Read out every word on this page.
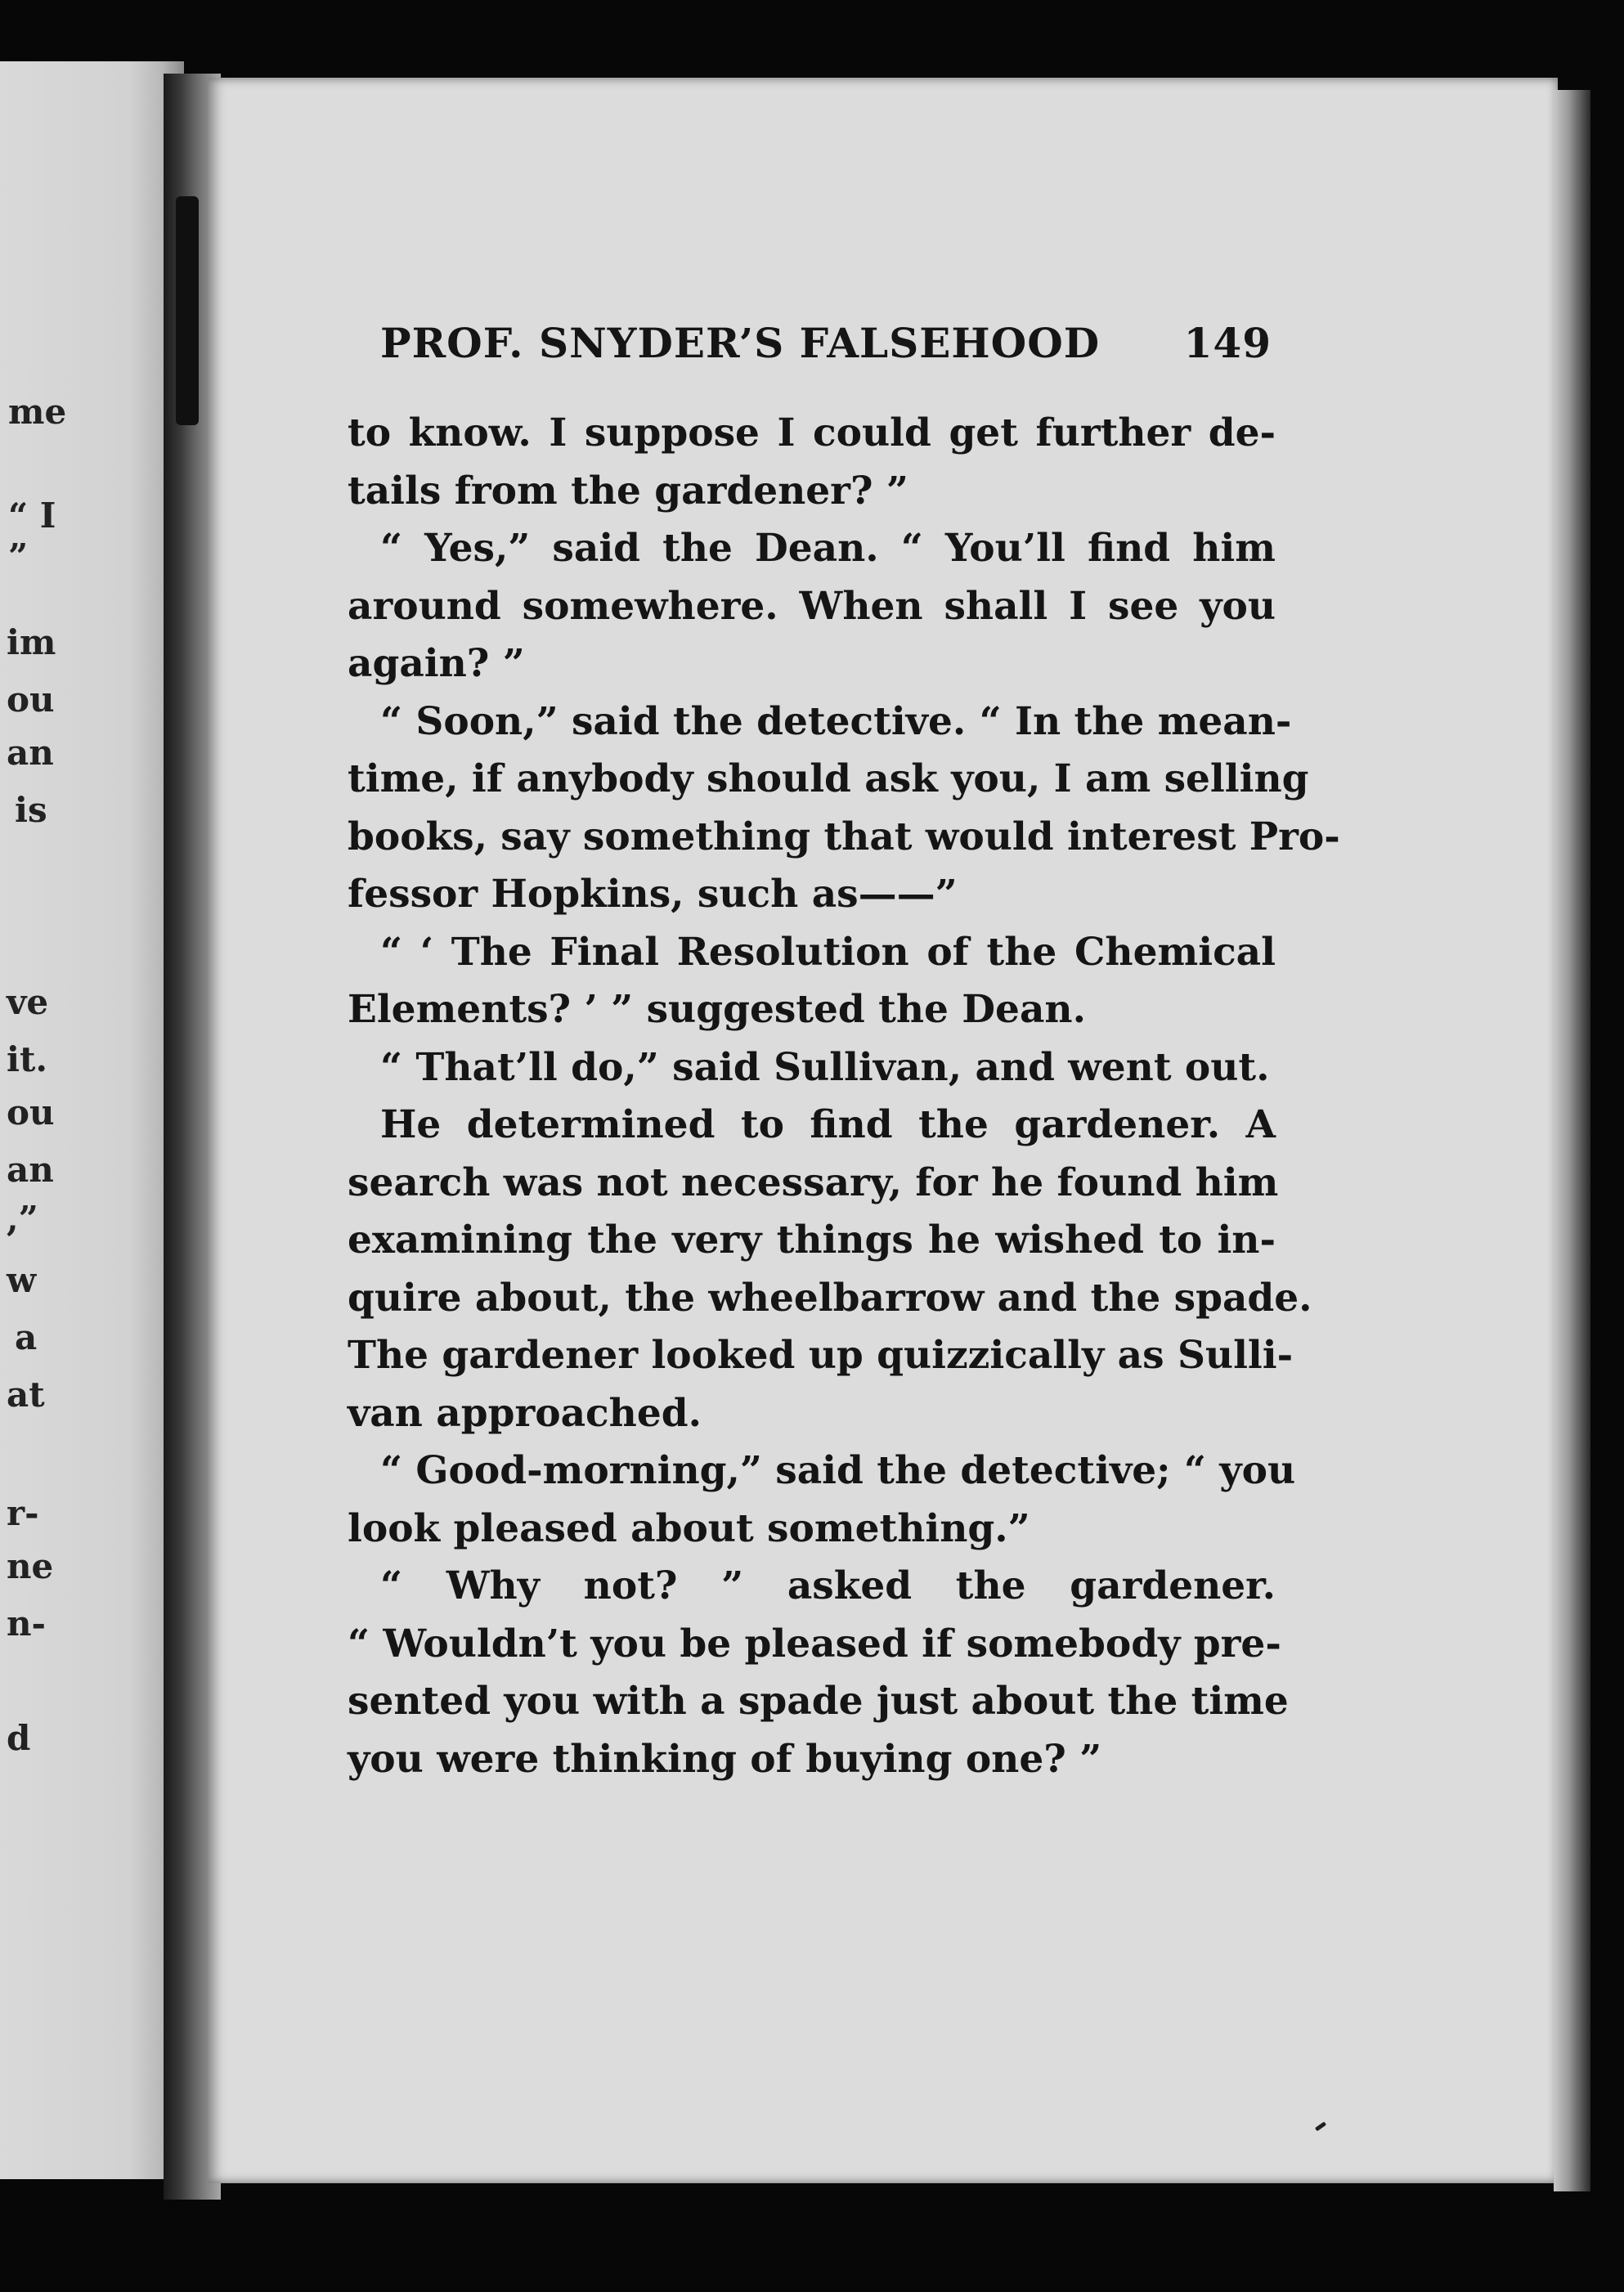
me
“ I
”
im
ou
an
is
ve
it.
ou
an
,”
w
a
at
r-
ne
n-
d
PROF. SNYDER’S FALSEHOOD 149
to know. I suppose I could get further de-
tails from the gardener? ”
“ Yes,” said the Dean. “ You’ll find him
around somewhere. When shall I see you
again? ”
“ Soon,” said the detective. “ In the mean-
time, if anybody should ask you, I am selling
books, say something that would interest Pro-
fessor Hopkins, such as——”
“ ‘ The Final Resolution of the Chemical
Elements? ’ ” suggested the Dean.
“ That’ll do,” said Sullivan, and went out.
He determined to find the gardener. A
search was not necessary, for he found him
examining the very things he wished to in-
quire about, the wheelbarrow and the spade.
The gardener looked up quizzically as Sulli-
van approached.
“ Good-morning,” said the detective; “ you
look pleased about something.”
“ Why not? ” asked the gardener.
“ Wouldn’t you be pleased if somebody pre-
sented you with a spade just about the time
you were thinking of buying one? ”
